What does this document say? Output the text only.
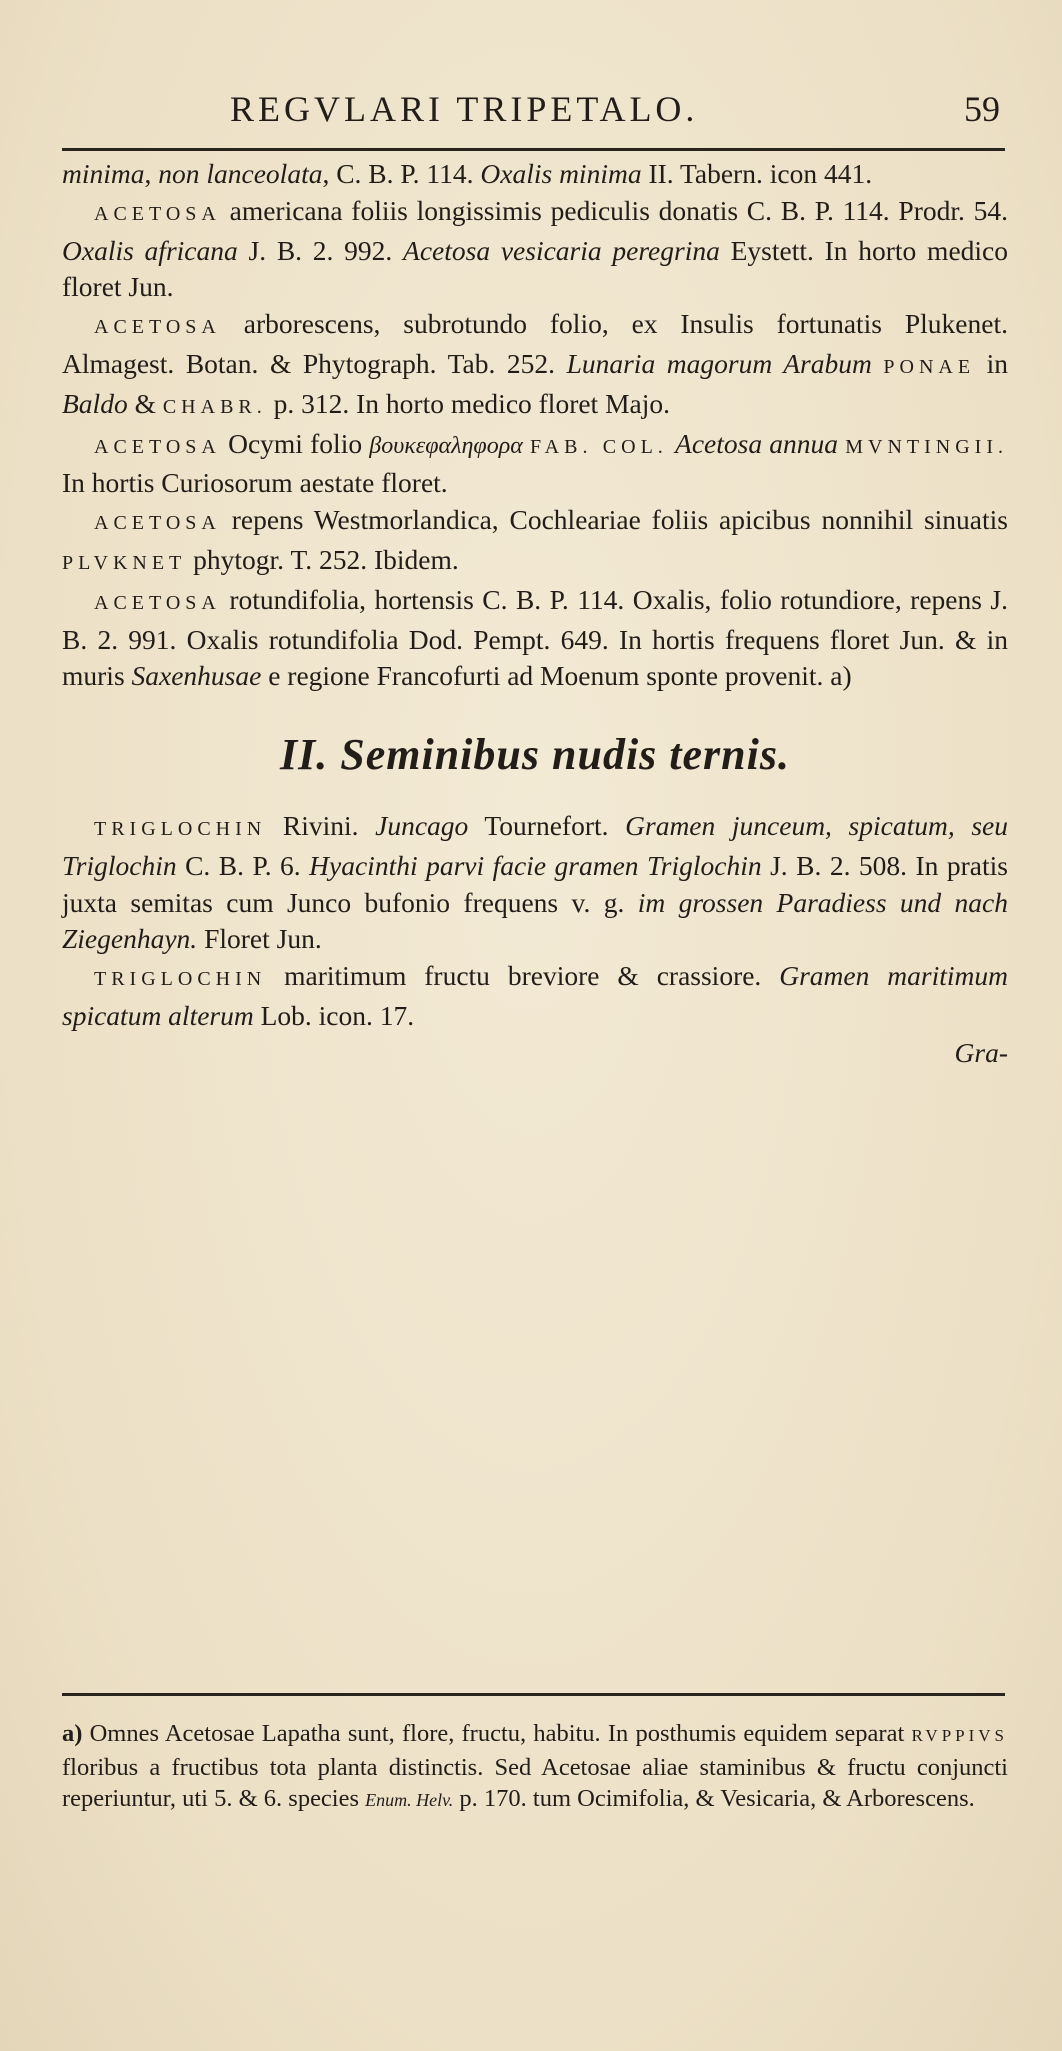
REGVLARI TRIPETALO.	59

minima, non lanceolata, C. B. P. 114. Oxalis minima II. Tabern. icon 441.

ACETOSA americana foliis longissimis pediculis donatis C. B. P. 114. Prodr. 54. Oxalis africana J. B. 2. 992. Acetosa vesicaria peregrina Eystett. In horto medico floret Jun.

ACETOSA arborescens, subrotundo folio, ex Insulis fortunatis Plukenet. Almagest. Botan. & Phytograph. Tab. 252. Lunaria magorum Arabum PONAE in Baldo & CHABR. p. 312. In horto medico floret Majo.

ACETOSA Ocymi folio βουκεφαληφορα FAB. COL. Acetosa annua MVNTINGII. In hortis Curiosorum aestate floret.

ACETOSA repens Westmorlandica, Cochleariae foliis apicibus nonnihil sinuatis PLVKNET phytogr. T. 252. Ibidem.

ACETOSA rotundifolia, hortensis C. B. P. 114. Oxalis, folio rotundiore, repens J. B. 2. 991. Oxalis rotundifolia Dod. Pempt. 649. In hortis frequens floret Jun. & in muris Saxenhusae e regione Francofurti ad Moenum sponte provenit. a)

II. Seminibus nudis ternis.

TRIGLOCHIN Rivini. Juncago Tournefort. Gramen junceum, spicatum, seu Triglochin C. B. P. 6. Hyacinthi parvi facie gramen Triglochin J. B. 2. 508. In pratis juxta semitas cum Junco bufonio frequens v. g. im grossen Paradiess und nach Ziegenhayn. Floret Jun.

TRIGLOCHIN maritimum fructu breviore & crassiore. Gramen maritimum spicatum alterum Lob. icon. 17.

Gra-

a) Omnes Acetosae Lapatha sunt, flore, fructu, habitu. In posthumis equidem separat RVPPIVS floribus a fructibus tota planta distinctis. Sed Acetosae aliae staminibus & fructu conjuncti reperiuntur, uti 5. & 6. species Enum. Helv. p. 170. tum Ocimifolia, & Vesicaria, & Arborescens.
